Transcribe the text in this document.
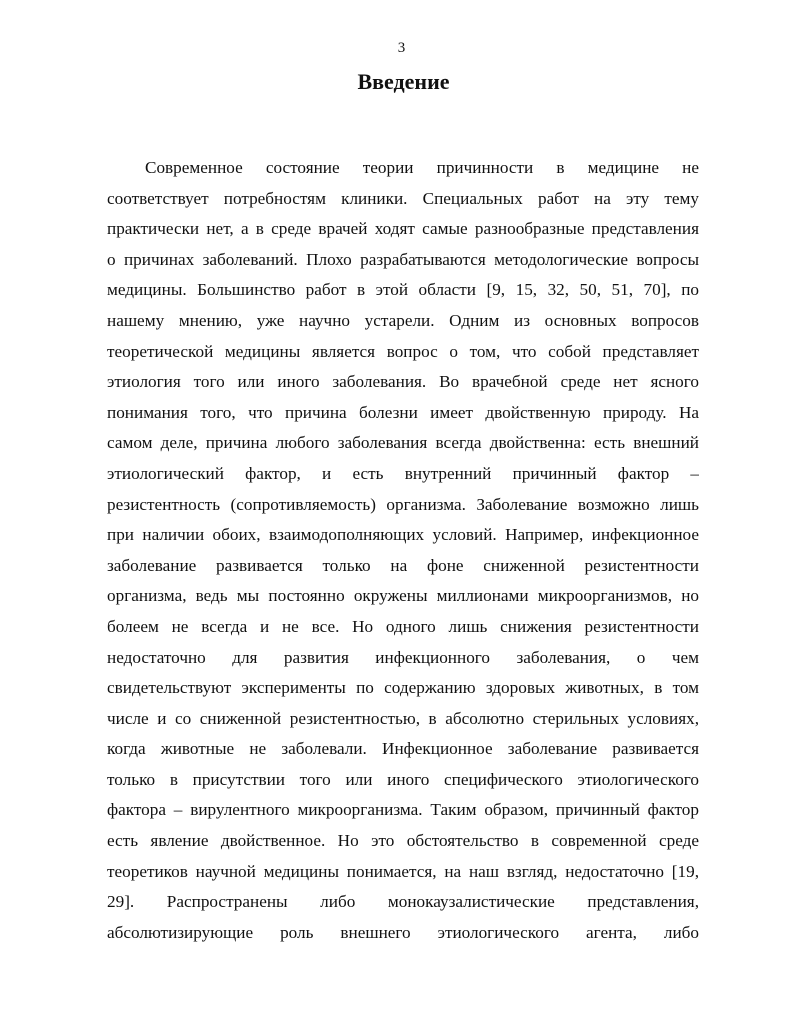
3
Введение
Современное состояние теории причинности в медицине не
соответствует потребностям клиники. Специальных работ на эту тему
практически нет, а в среде врачей ходят самые разнообразные представления
о причинах заболеваний. Плохо разрабатываются методологические вопросы
медицины. Большинство работ в этой области [9, 15, 32, 50, 51, 70], по
нашему мнению, уже научно устарели. Одним из основных вопросов
теоретической медицины является вопрос о том, что собой представляет
этиология того или иного заболевания. Во врачебной среде нет ясного
понимания того, что причина болезни имеет двойственную природу. На
самом деле, причина любого заболевания всегда двойственна: есть внешний
этиологический фактор, и есть внутренний причинный фактор –
резистентность (сопротивляемость) организма. Заболевание возможно лишь
при наличии обоих, взаимодополняющих условий. Например, инфекционное
заболевание развивается только на фоне сниженной резистентности
организма, ведь мы постоянно окружены миллионами микроорганизмов, но
болеем не всегда и не все. Но одного лишь снижения резистентности
недостаточно для развития инфекционного заболевания, о чем
свидетельствуют эксперименты по содержанию здоровых животных, в том
числе и со сниженной резистентностью, в абсолютно стерильных условиях,
когда животные не заболевали. Инфекционное заболевание развивается
только в присутствии того или иного специфического этиологического
фактора – вирулентного микроорганизма. Таким образом, причинный фактор
есть явление двойственное. Но это обстоятельство в современной среде
теоретиков научной медицины понимается, на наш взгляд, недостаточно [19,
29]. Распространены либо монокаузалистические представления,
абсолютизирующие роль внешнего этиологического агента, либо
